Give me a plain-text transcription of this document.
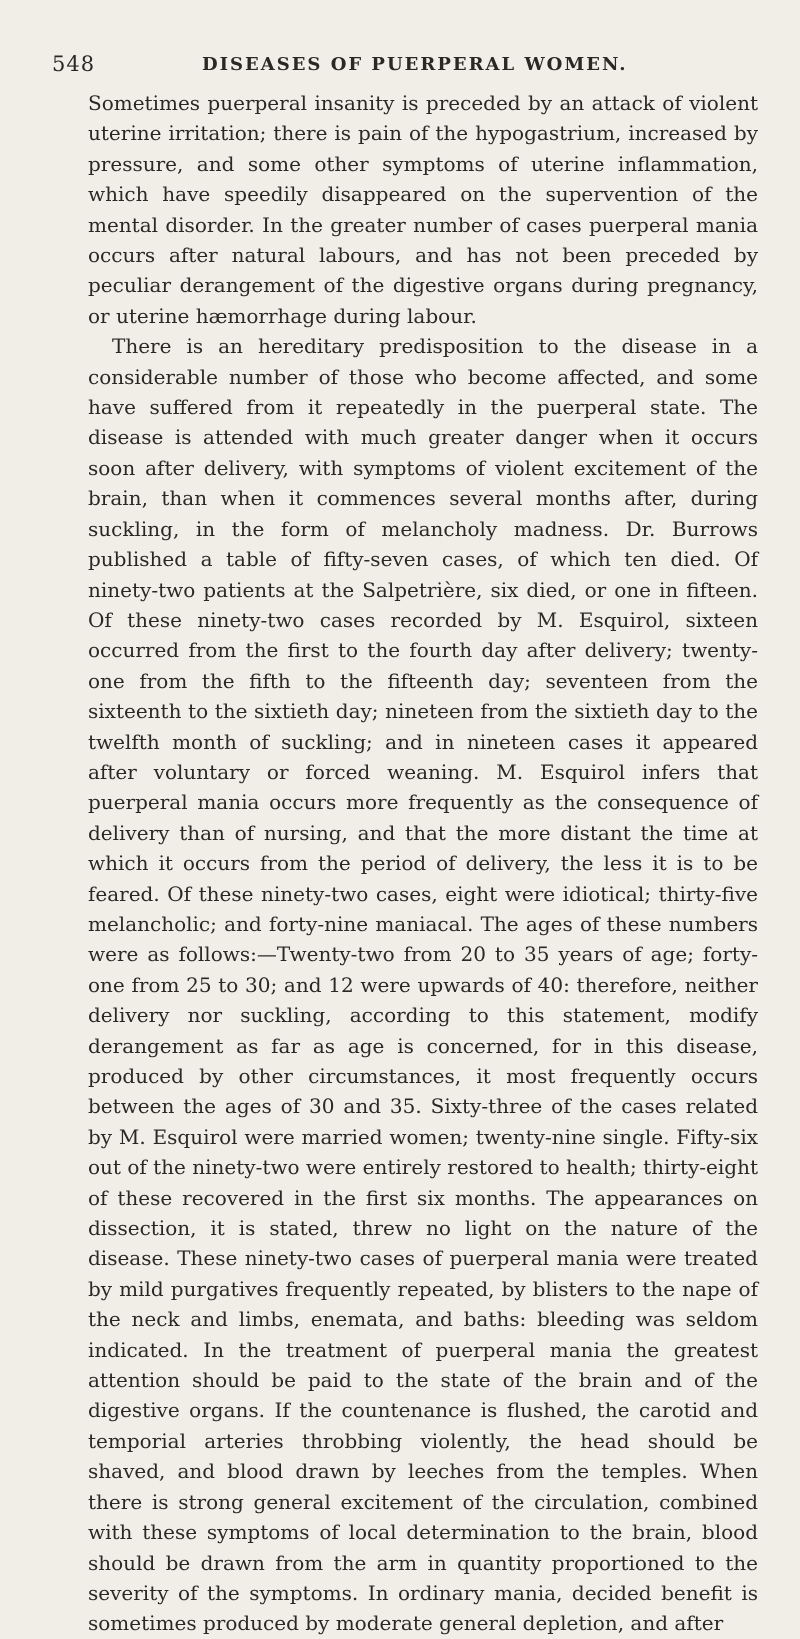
548	DISEASES OF PUERPERAL WOMEN.

Sometimes puerperal insanity is preceded by an attack of violent uterine irritation; there is pain of the hypogastrium, increased by pressure, and some other symptoms of uterine inflammation, which have speedily disappeared on the supervention of the mental disorder. In the greater number of cases puerperal mania occurs after natural labours, and has not been preceded by peculiar derangement of the digestive organs during pregnancy, or uterine hæmorrhage during labour.

There is an hereditary predisposition to the disease in a considerable number of those who become affected, and some have suffered from it repeatedly in the puerperal state. The disease is attended with much greater danger when it occurs soon after delivery, with symptoms of violent excitement of the brain, than when it commences several months after, during suckling, in the form of melancholy madness. Dr. Burrows published a table of fifty-seven cases, of which ten died. Of ninety-two patients at the Salpetrière, six died, or one in fifteen. Of these ninety-two cases recorded by M. Esquirol, sixteen occurred from the first to the fourth day after delivery; twenty-one from the fifth to the fifteenth day; seventeen from the sixteenth to the sixtieth day; nineteen from the sixtieth day to the twelfth month of suckling; and in nineteen cases it appeared after voluntary or forced weaning. M. Esquirol infers that puerperal mania occurs more frequently as the consequence of delivery than of nursing, and that the more distant the time at which it occurs from the period of delivery, the less it is to be feared. Of these ninety-two cases, eight were idiotical; thirty-five melancholic; and forty-nine maniacal. The ages of these numbers were as follows:—Twenty-two from 20 to 35 years of age; forty-one from 25 to 30; and 12 were upwards of 40: therefore, neither delivery nor suckling, according to this statement, modify derangement as far as age is concerned, for in this disease, produced by other circumstances, it most frequently occurs between the ages of 30 and 35. Sixty-three of the cases related by M. Esquirol were married women; twenty-nine single. Fifty-six out of the ninety-two were entirely restored to health; thirty-eight of these recovered in the first six months. The appearances on dissection, it is stated, threw no light on the nature of the disease. These ninety-two cases of puerperal mania were treated by mild purgatives frequently repeated, by blisters to the nape of the neck and limbs, enemata, and baths: bleeding was seldom indicated. In the treatment of puerperal mania the greatest attention should be paid to the state of the brain and of the digestive organs. If the countenance is flushed, the carotid and temporial arteries throbbing violently, the head should be shaved, and blood drawn by leeches from the temples. When there is strong general excitement of the circulation, combined with these symptoms of local determination to the brain, blood should be drawn from the arm in quantity proportioned to the severity of the symptoms. In ordinary mania, decided benefit is sometimes produced by moderate general depletion, and after
